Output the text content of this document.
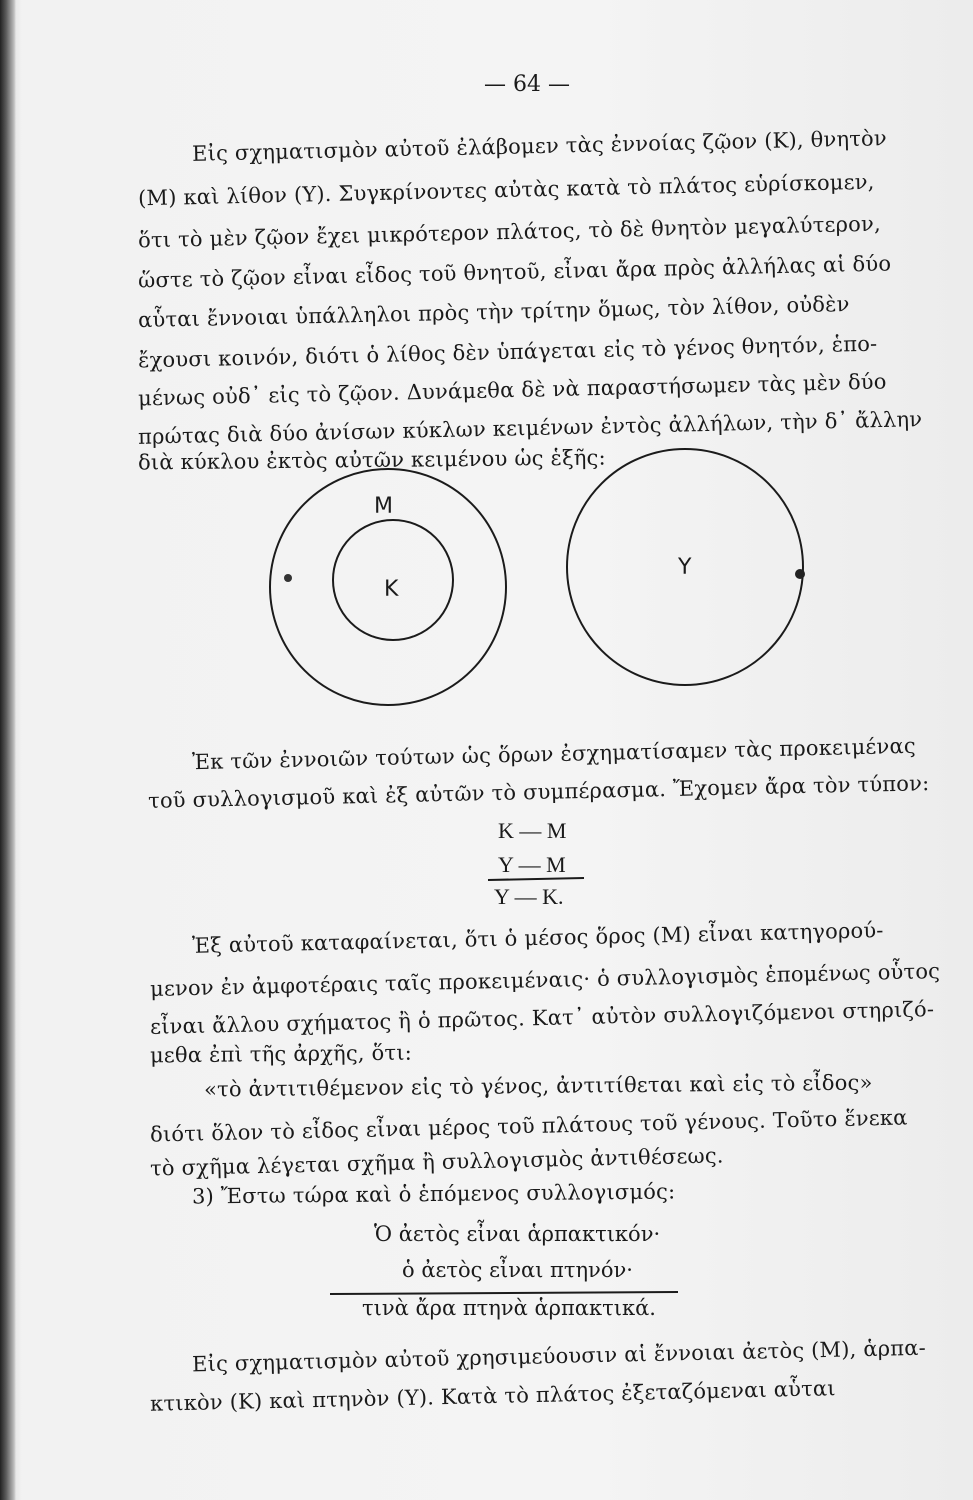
— 64 —
Εἰς σχηματισμὸν αὐτοῦ ἐλάβομεν τὰς ἐννοίας ζῷον (Κ), θνητὸν
(Μ) καὶ λίθον (Υ). Συγκρίνοντες αὐτὰς κατὰ τὸ πλάτος εὑρίσκομεν,
ὅτι τὸ μὲν ζῷον ἔχει μικρότερον πλάτος, τὸ δὲ θνητὸν μεγαλύτερον,
ὥστε τὸ ζῷον εἶναι εἶδος τοῦ θνητοῦ, εἶναι ἄρα πρὸς ἀλλήλας αἱ δύο
αὗται ἔννοιαι ὑπάλληλοι πρὸς τὴν τρίτην ὅμως, τὸν λίθον, οὐδὲν
ἔχουσι κοινόν, διότι ὁ λίθος δὲν ὑπάγεται εἰς τὸ γένος θνητόν, ἑπο-
μένως οὐδ᾽ εἰς τὸ ζῷον. Δυνάμεθα δὲ νὰ παραστήσωμεν τὰς μὲν δύο
πρώτας διὰ δύο ἀνίσων κύκλων κειμένων ἐντὸς ἀλλήλων, τὴν δ᾽ ἄλλην
διὰ κύκλου ἐκτὸς αὐτῶν κειμένου ὡς ἑξῆς:
Μ
Κ
Υ
Ἐκ τῶν ἐννοιῶν τούτων ὡς ὅρων ἐσχηματίσαμεν τὰς προκειμένας
τοῦ συλλογισμοῦ καὶ ἐξ αὐτῶν τὸ συμπέρασμα. Ἔχομεν ἄρα τὸν τύπον:
Κ — Μ
Υ — Μ
Υ — Κ.
Ἐξ αὐτοῦ καταφαίνεται, ὅτι ὁ μέσος ὅρος (Μ) εἶναι κατηγορού-
μενον ἐν ἀμφοτέραις ταῖς προκειμέναις· ὁ συλλογισμὸς ἑπομένως οὗτος
εἶναι ἄλλου σχήματος ἢ ὁ πρῶτος. Κατ᾽ αὐτὸν συλλογιζόμενοι στηριζό-
μεθα ἐπὶ τῆς ἀρχῆς, ὅτι:
«τὸ ἀντιτιθέμενον εἰς τὸ γένος, ἀντιτίθεται καὶ εἰς τὸ εἶδος»
διότι ὅλον τὸ εἶδος εἶναι μέρος τοῦ πλάτους τοῦ γένους. Τοῦτο ἕνεκα
τὸ σχῆμα λέγεται σχῆμα ἢ συλλογισμὸς ἀντιθέσεως.
3) Ἔστω τώρα καὶ ὁ ἑπόμενος συλλογισμός:
Ὁ ἀετὸς εἶναι ἁρπακτικόν·
ὁ ἀετὸς εἶναι πτηνόν·
τινὰ ἄρα πτηνὰ ἁρπακτικά.
Εἰς σχηματισμὸν αὐτοῦ χρησιμεύουσιν αἱ ἔννοιαι ἀετὸς (Μ), ἁρπα-
κτικὸν (Κ) καὶ πτηνὸν (Υ). Κατὰ τὸ πλάτος ἐξεταζόμεναι αὗται
